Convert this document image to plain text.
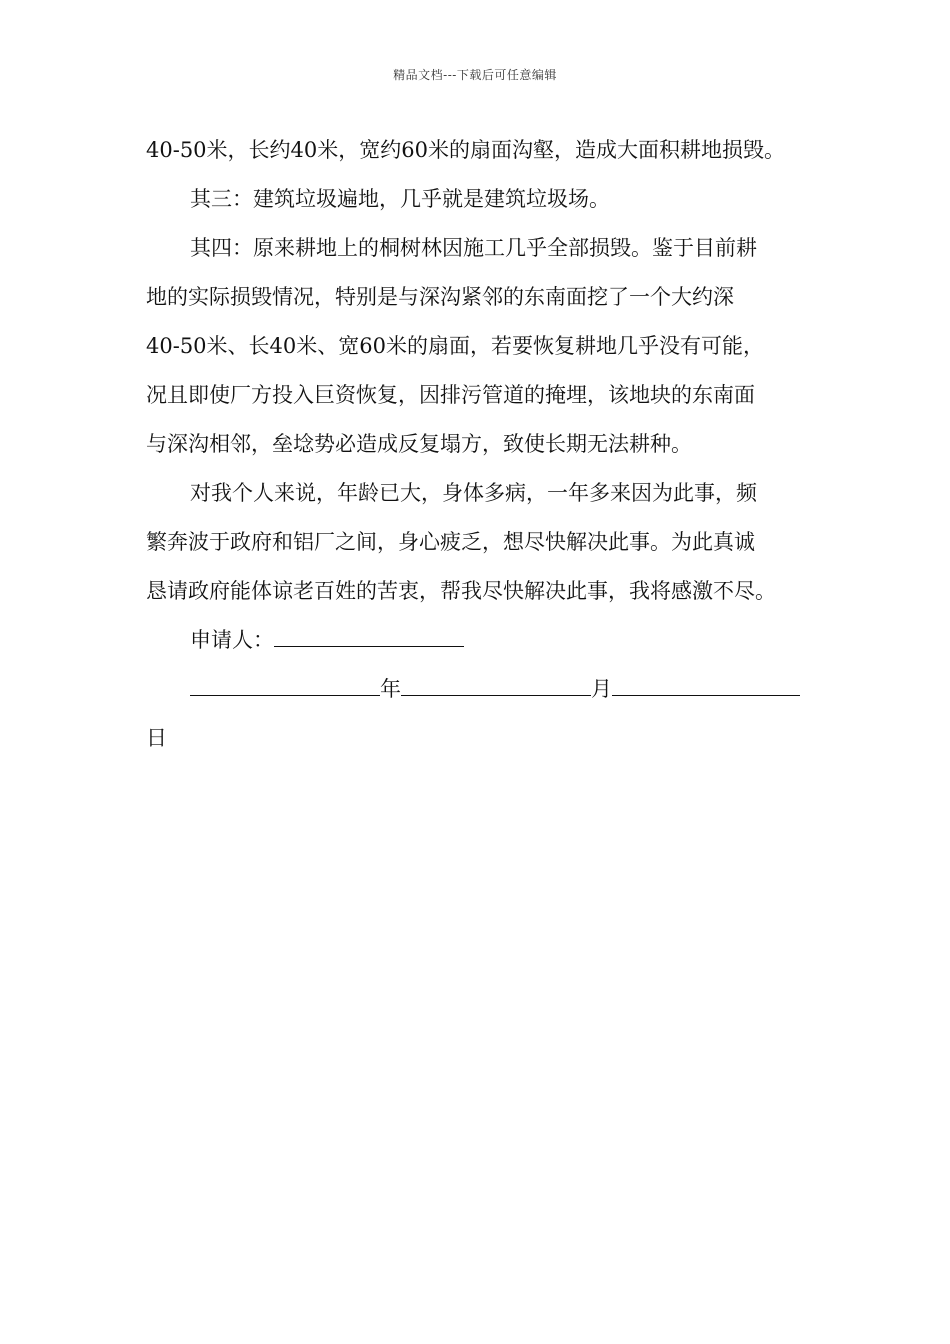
精品文档---下载后可任意编辑

40-50米，长约40米，宽约60米的扇面沟壑，造成大面积耕地损毁。

其三：建筑垃圾遍地，几乎就是建筑垃圾场。

其四：原来耕地上的桐树林因施工几乎全部损毁。鉴于目前耕

地的实际损毁情况，特别是与深沟紧邻的东南面挖了一个大约深

40-50米、长40米、宽60米的扇面，若要恢复耕地几乎没有可能，

况且即使厂方投入巨资恢复，因排污管道的掩埋，该地块的东南面

与深沟相邻，垒埝势必造成反复塌方，致使长期无法耕种。

对我个人来说，年龄已大，身体多病，一年多来因为此事，频

繁奔波于政府和铝厂之间，身心疲乏，想尽快解决此事。为此真诚

恳请政府能体谅老百姓的苦衷，帮我尽快解决此事，我将感激不尽。

申请人：

年	月

日
